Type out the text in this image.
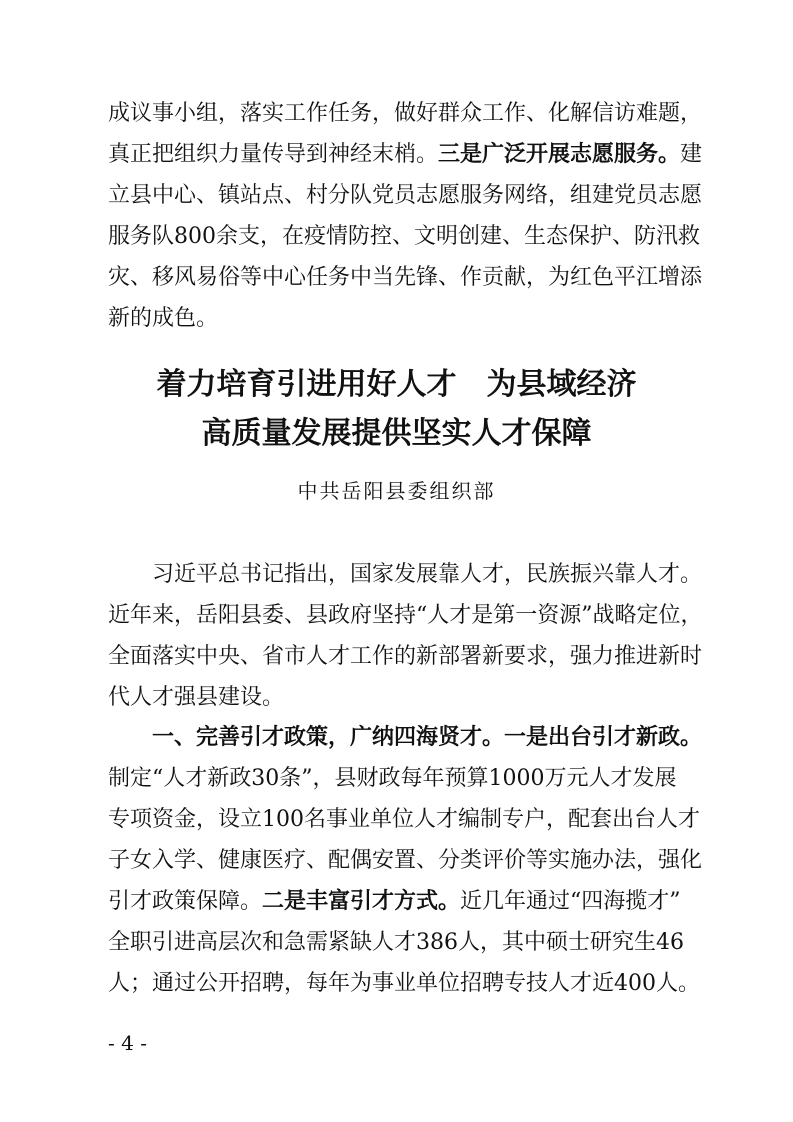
成议事小组，落实工作任务，做好群众工作、化解信访难题，
真正把组织力量传导到神经末梢。三是广泛开展志愿服务。建
立县中心、镇站点、村分队党员志愿服务网络，组建党员志愿
服务队800余支，在疫情防控、文明创建、生态保护、防汛救
灾、移风易俗等中心任务中当先锋、作贡献，为红色平江增添
新的成色。
着力培育引进用好人才　为县域经济
高质量发展提供坚实人才保障
中共岳阳县委组织部
　　习近平总书记指出，国家发展靠人才，民族振兴靠人才。
近年来，岳阳县委、县政府坚持“人才是第一资源”战略定位，
全面落实中央、省市人才工作的新部署新要求，强力推进新时
代人才强县建设。
　　一、完善引才政策，广纳四海贤才。一是出台引才新政。
制定“人才新政30条”，县财政每年预算1000万元人才发展
专项资金，设立100名事业单位人才编制专户，配套出台人才
子女入学、健康医疗、配偶安置、分类评价等实施办法，强化
引才政策保障。二是丰富引才方式。近几年通过“四海揽才”
全职引进高层次和急需紧缺人才386人，其中硕士研究生46
人；通过公开招聘，每年为事业单位招聘专技人才近400人。
- 4 -
